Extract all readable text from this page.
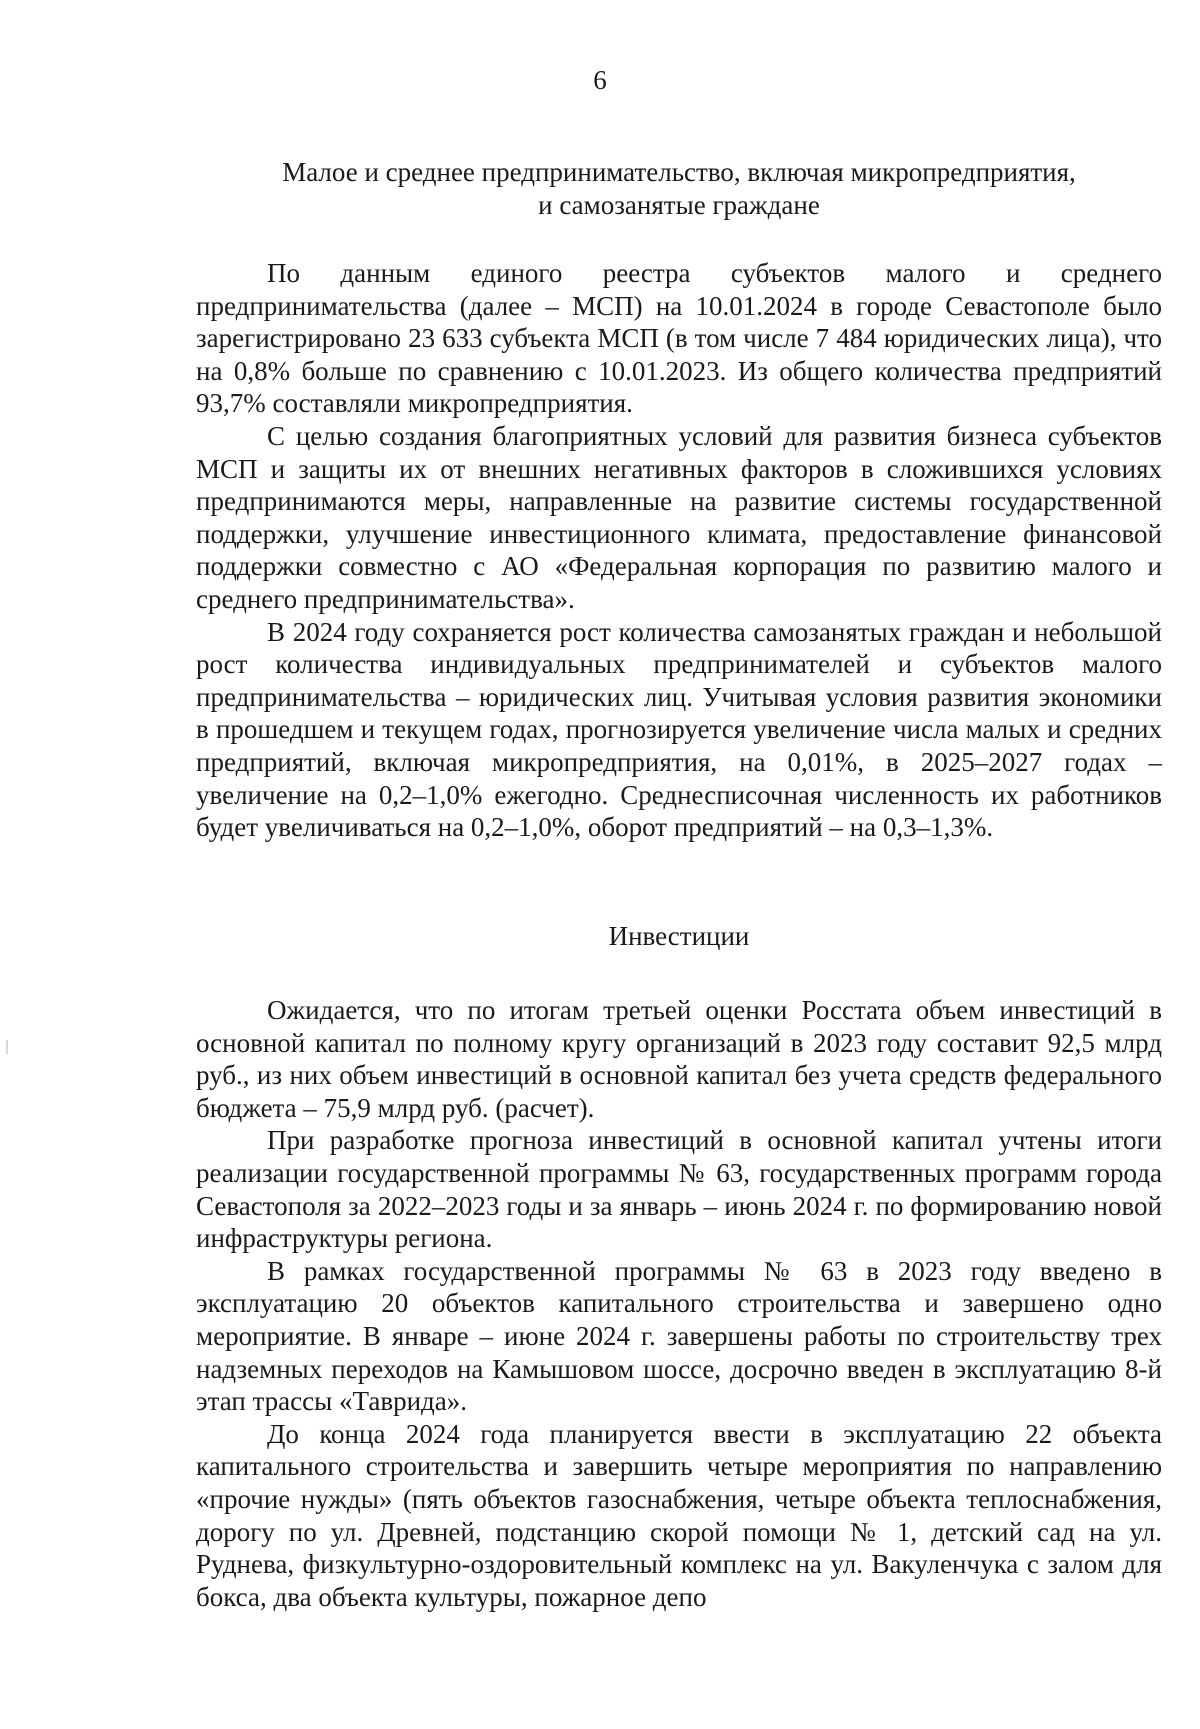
6
Малое и среднее предпринимательство, включая микропредприятия,
и самозанятые граждане

По данным единого реестра субъектов малого и среднего предпринимательства (далее – МСП) на 10.01.2024 в городе Севастополе было зарегистрировано 23 633 субъекта МСП (в том числе 7 484 юридических лица), что на 0,8% больше по сравнению с 10.01.2023. Из общего количества предприятий 93,7% составляли микропредприятия.

С целью создания благоприятных условий для развития бизнеса субъектов МСП и защиты их от внешних негативных факторов в сложившихся условиях предпринимаются меры, направленные на развитие системы государственной поддержки, улучшение инвестиционного климата, предоставление финансовой поддержки совместно с АО «Федеральная корпорация по развитию малого и среднего предпринимательства».

В 2024 году сохраняется рост количества самозанятых граждан и небольшой рост количества индивидуальных предпринимателей и субъектов малого предпринимательства – юридических лиц. Учитывая условия развития экономики в прошедшем и текущем годах, прогнозируется увеличение числа малых и средних предприятий, включая микропредприятия, на 0,01%, в 2025–2027 годах – увеличение на 0,2–1,0% ежегодно. Среднесписочная численность их работников будет увеличиваться на 0,2–1,0%, оборот предприятий – на 0,3–1,3%.

Инвестиции

Ожидается, что по итогам третьей оценки Росстата объем инвестиций в основной капитал по полному кругу организаций в 2023 году составит 92,5 млрд руб., из них объем инвестиций в основной капитал без учета средств федерального бюджета – 75,9 млрд руб. (расчет).

При разработке прогноза инвестиций в основной капитал учтены итоги реализации государственной программы № 63, государственных программ города Севастополя за 2022–2023 годы и за январь – июнь 2024 г. по формированию новой инфраструктуры региона.

В рамках государственной программы № 63 в 2023 году введено в эксплуатацию 20 объектов капитального строительства и завершено одно мероприятие. В январе – июне 2024 г. завершены работы по строительству трех надземных переходов на Камышовом шоссе, досрочно введен в эксплуатацию 8-й этап трассы «Таврида».

До конца 2024 года планируется ввести в эксплуатацию 22 объекта капитального строительства и завершить четыре мероприятия по направлению «прочие нужды» (пять объектов газоснабжения, четыре объекта теплоснабжения, дорогу по ул. Древней, подстанцию скорой помощи № 1, детский сад на ул. Руднева, физкультурно-оздоровительный комплекс на ул. Вакуленчука с залом для бокса, два объекта культуры, пожарное депо
